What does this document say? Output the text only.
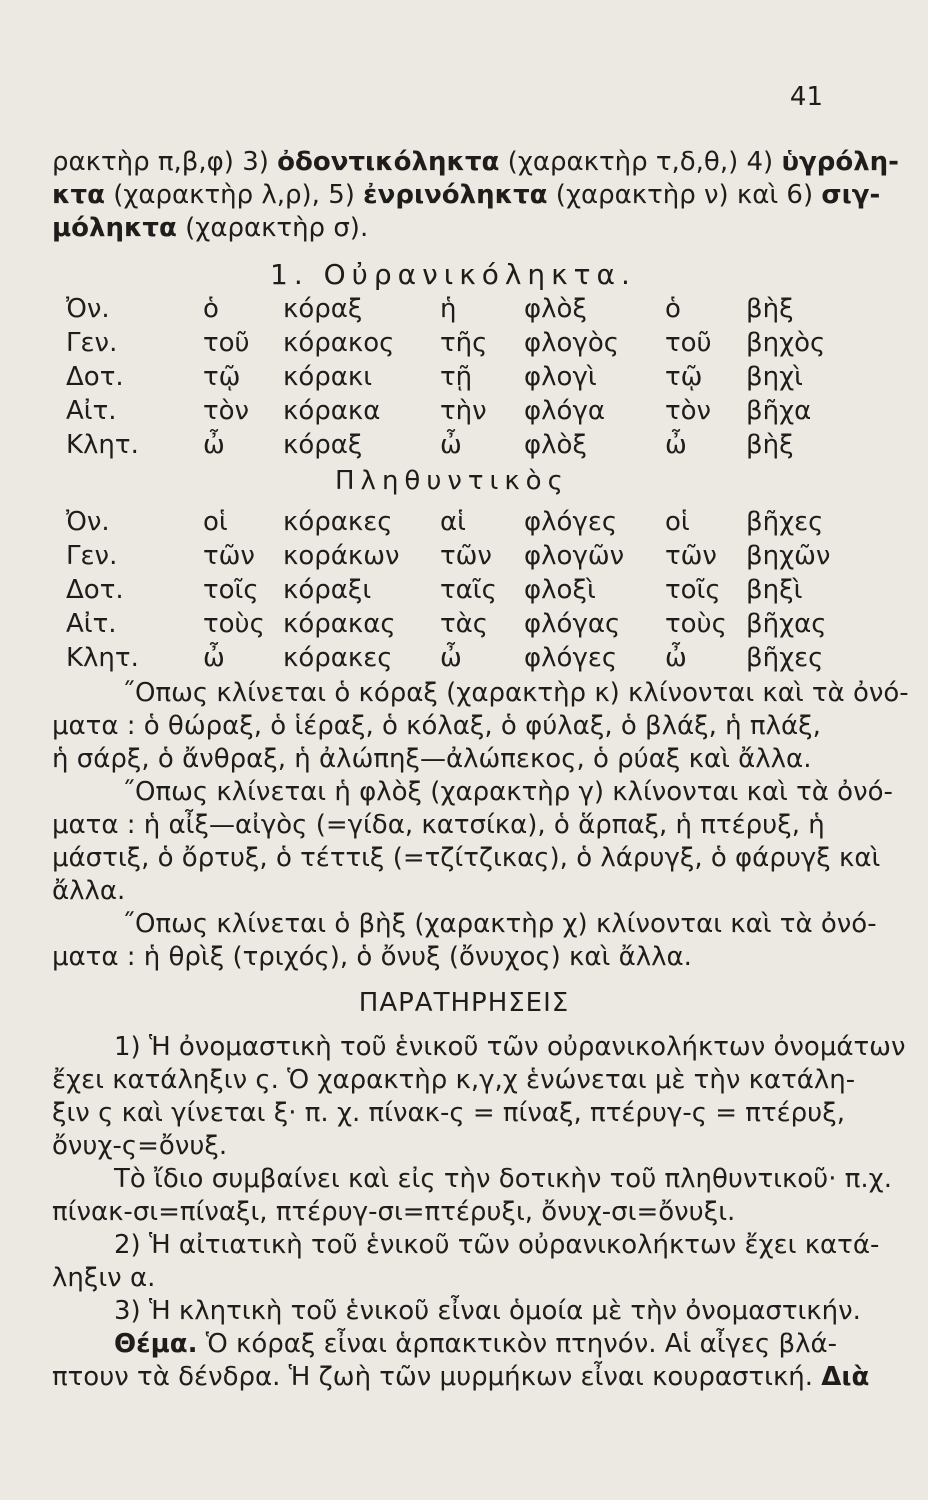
41
ρακτὴρ π,β,φ) 3) ὀδοντικόληκτα (χαρακτὴρ τ,δ,θ,) 4) ὑγρόλη-
κτα (χαρακτὴρ λ,ρ), 5) ἐνρινόληκτα (χαρακτὴρ ν) καὶ 6) σιγ-
μόληκτα (χαρακτὴρ σ).
1. Οὐρανικόληκτα.
Ὀν.	ὁ κόραξ	ἡ	φλὸξ	ὁ	βὴξ
Γεν.	τοῦ κόρακος τῆς φλογὸς τοῦ βηχὸς
Δοτ.	τῷ κόρακι	τῇ φλογὶ	τῷ βηχὶ
Αἰτ.	τὸν κόρακα τὴν φλόγα τὸν βῆχα
Κλητ. ὦ κόραξ	ὦ φλὸξ	ὦ βὴξ
Πληθυντικὸς
Ὀν.	οἱ κόρακες αἱ φλόγες οἱ βῆχες
Γεν.	τῶν κοράκων τῶν φλογῶν τῶν βηχῶν
Δοτ.	τοῖς κόραξι	ταῖς φλοξὶ	τοῖς βηξὶ
Αἰτ.	τοὺς κόρακας τὰς φλόγας τοὺς βῆχας
Κλητ. ὦ κόρακες ὦ φλόγες ὦ βῆχες
˝Οπως κλίνεται ὁ κόραξ (χαρακτὴρ κ) κλίνονται καὶ τὰ ὀνό-
ματα : ὁ θώραξ, ὁ ἱέραξ, ὁ κόλαξ, ὁ φύλαξ, ὁ βλάξ, ἡ πλάξ,
ἡ σάρξ, ὁ ἄνθραξ, ἡ ἀλώπηξ—ἀλώπεκος, ὁ ρύαξ καὶ ἄλλα.
˝Οπως κλίνεται ἡ φλὸξ (χαρακτὴρ γ) κλίνονται καὶ τὰ ὀνό-
ματα : ἡ αἶξ—αἰγὸς (=γίδα, κατσίκα), ὁ ἅρπαξ, ἡ πτέρυξ, ἡ
μάστιξ, ὁ ὄρτυξ, ὁ τέττιξ (=τζίτζικας), ὁ λάρυγξ, ὁ φάρυγξ καὶ
ἄλλα.
˝Οπως κλίνεται ὁ βὴξ (χαρακτὴρ χ) κλίνονται καὶ τὰ ὀνό-
ματα : ἡ θρὶξ (τριχός), ὁ ὄνυξ (ὄνυχος) καὶ ἄλλα.
ΠΑΡΑΤΗΡΗΣΕΙΣ
1) Ἡ ὀνομαστικὴ τοῦ ἑνικοῦ τῶν οὐρανικολήκτων ὀνομάτων
ἔχει κατάληξιν ς. Ὁ χαρακτὴρ κ,γ,χ ἑνώνεται μὲ τὴν κατάλη-
ξιν ς καὶ γίνεται ξ· π. χ. πίνακ-ς = πίναξ, πτέρυγ-ς = πτέρυξ,
ὄνυχ-ς=ὄνυξ.
Τὸ ἴδιο συμβαίνει καὶ εἰς τὴν δοτικὴν τοῦ πληθυντικοῦ· π.χ.
πίνακ-σι=πίναξι, πτέρυγ-σι=πτέρυξι, ὄνυχ-σι=ὄνυξι.
2) Ἡ αἰτιατικὴ τοῦ ἑνικοῦ τῶν οὐρανικολήκτων ἔχει κατά-
ληξιν α.
3) Ἡ κλητικὴ τοῦ ἑνικοῦ εἶναι ὁμοία μὲ τὴν ὀνομαστικήν.
Θέμα. Ὁ κόραξ εἶναι ἁρπακτικὸν πτηνόν. Αἱ αἶγες βλά-
πτουν τὰ δένδρα. Ἡ ζωὴ τῶν μυρμήκων εἶναι κουραστική. Διὰ
